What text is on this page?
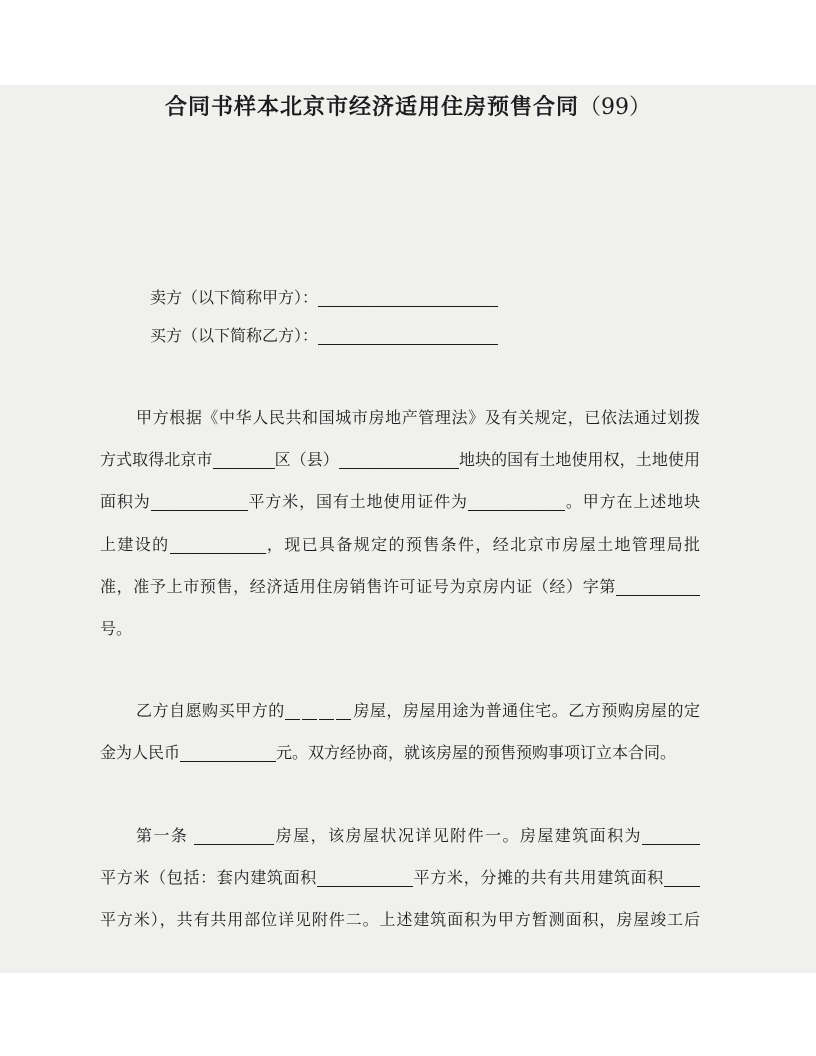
合同书样本北京市经济适用住房预售合同（99）
卖方（以下简称甲方）：
买方（以下简称乙方）：
甲方根据《中华人民共和国城市房地产管理法》及有关规定，已依法通过划拨
方式取得北京市	区（县）	地块的国有土地使用权，土地使用
面积为	平方米，国有土地使用证件为	。甲方在上述地块
上建设的	，现已具备规定的预售条件，经北京市房屋土地管理局批
准，准予上市预售，经济适用住房销售许可证号为京房内证（经）字第
号。
乙方自愿购买甲方的	房屋，房屋用途为普通住宅。乙方预购房屋的定
金为人民币	元。双方经协商，就该房屋的预售预购事项订立本合同。
第一条	房屋，该房屋状况详见附件一。房屋建筑面积为
平方米（包括：套内建筑面积	平方米，分摊的共有共用建筑面积
平方米），共有共用部位详见附件二。上述建筑面积为甲方暂测面积，房屋竣工后
